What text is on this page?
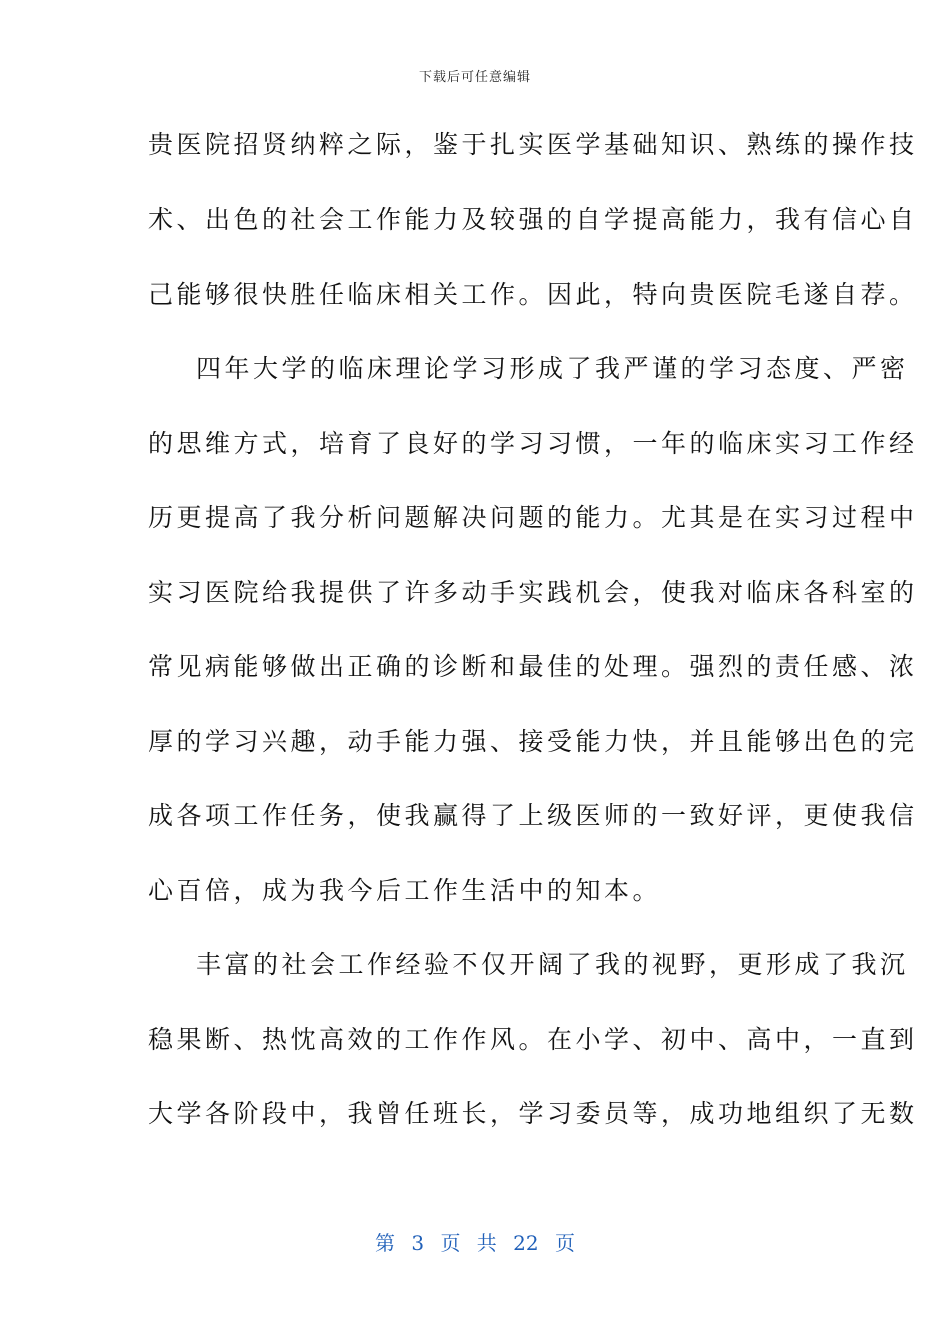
下载后可任意编辑
贵医院招贤纳粹之际，鉴于扎实医学基础知识、熟练的操作技
术、出色的社会工作能力及较强的自学提高能力，我有信心自
己能够很快胜任临床相关工作。因此，特向贵医院毛遂自荐。
四年大学的临床理论学习形成了我严谨的学习态度、严密
的思维方式，培育了良好的学习习惯，一年的临床实习工作经
历更提高了我分析问题解决问题的能力。尤其是在实习过程中
实习医院给我提供了许多动手实践机会，使我对临床各科室的
常见病能够做出正确的诊断和最佳的处理。强烈的责任感、浓
厚的学习兴趣，动手能力强、接受能力快，并且能够出色的完
成各项工作任务，使我赢得了上级医师的一致好评，更使我信
心百倍，成为我今后工作生活中的知本。
丰富的社会工作经验不仅开阔了我的视野，更形成了我沉
稳果断、热忱高效的工作作风。在小学、初中、高中，一直到
大学各阶段中，我曾任班长，学习委员等，成功地组织了无数
第 3 页 共 22 页
